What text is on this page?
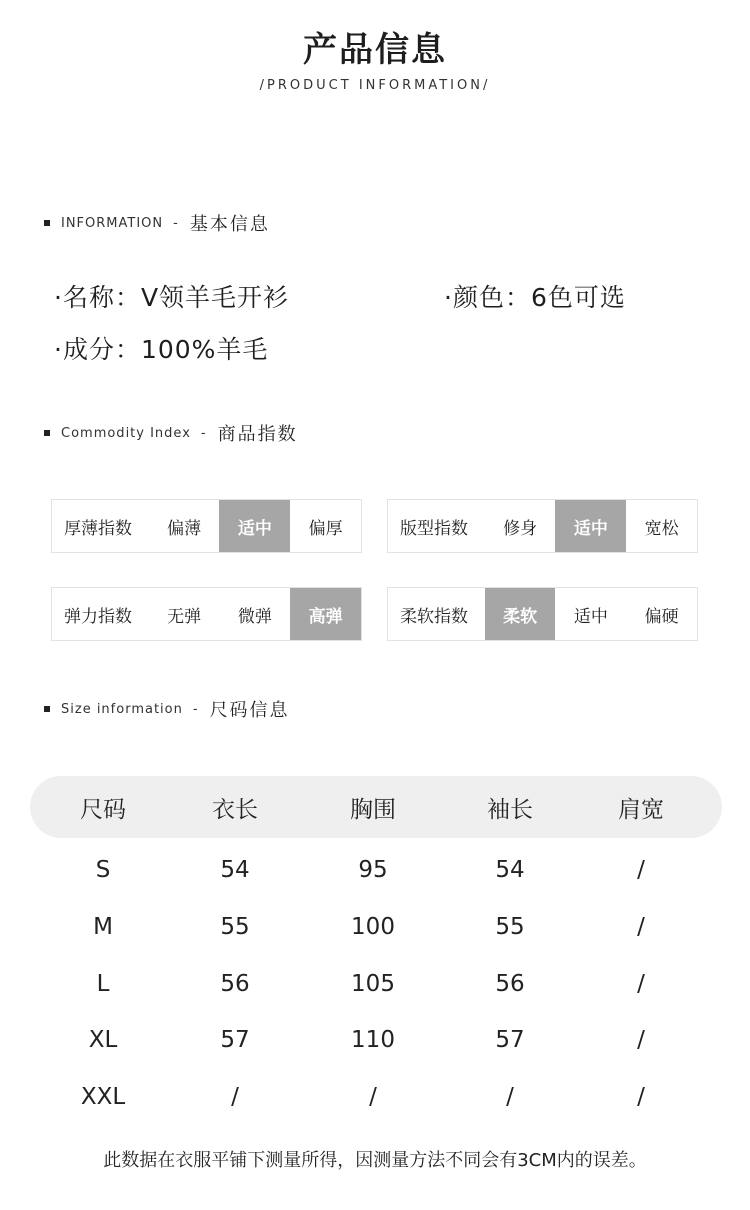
产品信息
/PRODUCT INFORMATION/
INFORMATION - 基本信息
·名称：V领羊毛开衫	·颜色：6色可选
·成分：100%羊毛
Commodity Index - 商品指数
厚薄指数	偏薄	适中	偏厚	版型指数	修身	适中	宽松
弹力指数	无弹	微弹	高弹	柔软指数	柔软	适中	偏硬
Size information - 尺码信息
尺码	衣长	胸围	袖长	肩宽
S	54	95	54	/
M	55	100	55	/
L	56	105	56	/
XL	57	110	57	/
XXL	/	/	/	/
此数据在衣服平铺下测量所得，因测量方法不同会有3CM内的误差。
